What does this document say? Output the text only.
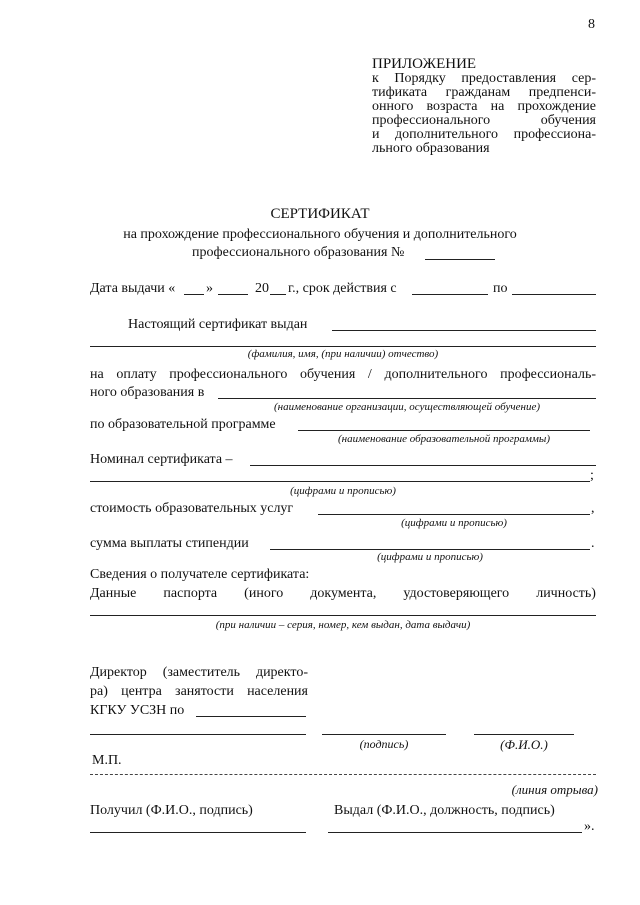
8
ПРИЛОЖЕНИЕ
к Порядку предоставления сер-
тификата гражданам предпенси-
онного возраста на прохождение
профессионального обучения
и дополнительного профессиона-
льного образования
СЕРТИФИКАТ
на прохождение профессионального обучения и дополнительного
профессионального образования №
Дата выдачи « »	20 г., срок действия с	по
Настоящий сертификат выдан
(фамилия, имя, (при наличии) отчество)
на оплату профессионального обучения / дополнительного профессиональ-
ного образования в
(наименование организации, осуществляющей обучение)
по образовательной программе
(наименование образовательной программы)
Номинал сертификата –
;
(цифрами и прописью)
стоимость образовательных услуг	,
(цифрами и прописью)
сумма выплаты стипендии	.
(цифрами и прописью)
Сведения о получателе сертификата:
Данные паспорта (иного документа, удостоверяющего личность)
(при наличии – серия, номер, кем выдан, дата выдачи)
Директор (заместитель директо-
ра) центра занятости населения
КГКУ УСЗН по
(подпись)	(Ф.И.О.)
М.П.
(линия отрыва)
Получил (Ф.И.О., подпись)	Выдал (Ф.И.О., должность, подпись)
».
